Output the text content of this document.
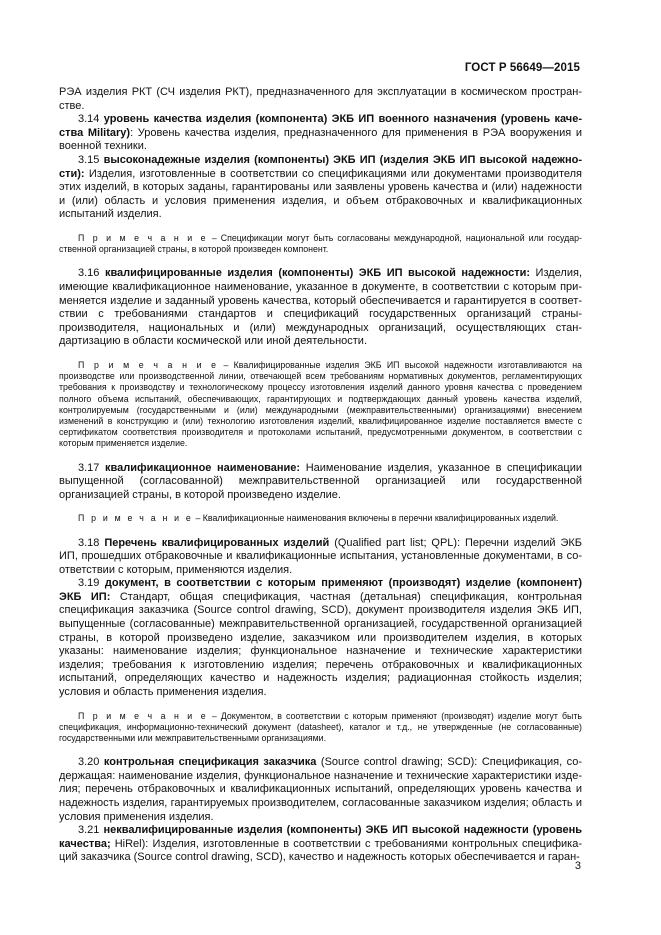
ГОСТ Р 56649—2015

РЭА изделия РКТ (СЧ изделия РКТ), предназначенного для эксплуатации в космическом пространстве.

3.14 уровень качества изделия (компонента) ЭКБ ИП военного назначения (уровень качества Military): Уровень качества изделия, предназначенного для применения в РЭА вооружения и военной техники.

3.15 высоконадежные изделия (компоненты) ЭКБ ИП (изделия ЭКБ ИП высокой надежности): Изделия, изготовленные в соответствии со спецификациями или документами производителя этих изделий, в которых заданы, гарантированы или заявлены уровень качества и (или) надежности и (или) область и условия применения изделия, и объем отбраковочных и квалификационных испытаний изделия.

П р и м е ч а н и е – Спецификации могут быть согласованы международной, национальной или государственной организацией страны, в которой произведен компонент.

3.16 квалифицированные изделия (компоненты) ЭКБ ИП высокой надежности: Изделия, имеющие квалификационное наименование, указанное в документе, в соответствии с которым применяется изделие и заданный уровень качества, который обеспечивается и гарантируется в соответствии с требованиями стандартов и спецификаций государственных организаций страны-производителя, национальных и (или) международных организаций, осуществляющих стандартизацию в области космической или иной деятельности.

П р и м е ч а н и е – Квалифицированные изделия ЭКБ ИП высокой надежности изготавливаются на производстве или производственной линии, отвечающей всем требованиям нормативных документов, регламентирующих требования к производству и технологическому процессу изготовления изделий данного уровня качества с проведением полного объема испытаний, обеспечивающих, гарантирующих и подтверждающих данный уровень качества изделий, контролируемым (государственными и (или) международными (межправительственными) организациями) внесением изменений в конструкцию и (или) технологию изготовления изделий, квалифицированное изделие поставляется вместе с сертификатом соответствия производителя и протоколами испытаний, предусмотренными документом, в соответствии с которым применяется изделие.

3.17 квалификационное наименование: Наименование изделия, указанное в спецификации выпущенной (согласованной) межправительственной организацией или государственной организацией страны, в которой произведено изделие.

П р и м е ч а н и е – Квалификационные наименования включены в перечни квалифицированных изделий.

3.18 Перечень квалифицированных изделий (Qualified part list; QPL): Перечни изделий ЭКБ ИП, прошедших отбраковочные и квалификационные испытания, установленные документами, в соответствии с которым, применяются изделия.

3.19 документ, в соответствии с которым применяют (производят) изделие (компонент) ЭКБ ИП: Стандарт, общая спецификация, частная (детальная) спецификация, контрольная спецификация заказчика (Source control drawing, SCD), документ производителя изделия ЭКБ ИП, выпущенные (согласованные) межправительственной организацией, государственной организацией страны, в которой произведено изделие, заказчиком или производителем изделия, в которых указаны: наименование изделия; функциональное назначение и технические характеристики изделия; требования к изготовлению изделия; перечень отбраковочных и квалификационных испытаний, определяющих качество и надежность изделия; радиационная стойкость изделия; условия и область применения изделия.

П р и м е ч а н и е – Документом, в соответствии с которым применяют (производят) изделие могут быть спецификация, информационно-технический документ (datasheet), каталог и т.д., не утвержденные (не согласованные) государственными или межправительственными организациями.

3.20 контрольная спецификация заказчика (Source control drawing; SCD): Спецификация, содержащая: наименование изделия, функциональное назначение и технические характеристики изделия; перечень отбраковочных и квалификационных испытаний, определяющих уровень качества и надежность изделия, гарантируемых производителем, согласованные заказчиком изделия; область и условия применения изделия.

3.21 неквалифицированные изделия (компоненты) ЭКБ ИП высокой надежности (уровень качества; HiRel): Изделия, изготовленные в соответствии с требованиями контрольных спецификаций заказчика (Source control drawing, SCD), качество и надежность которых обеспечивается и гаран-

3
